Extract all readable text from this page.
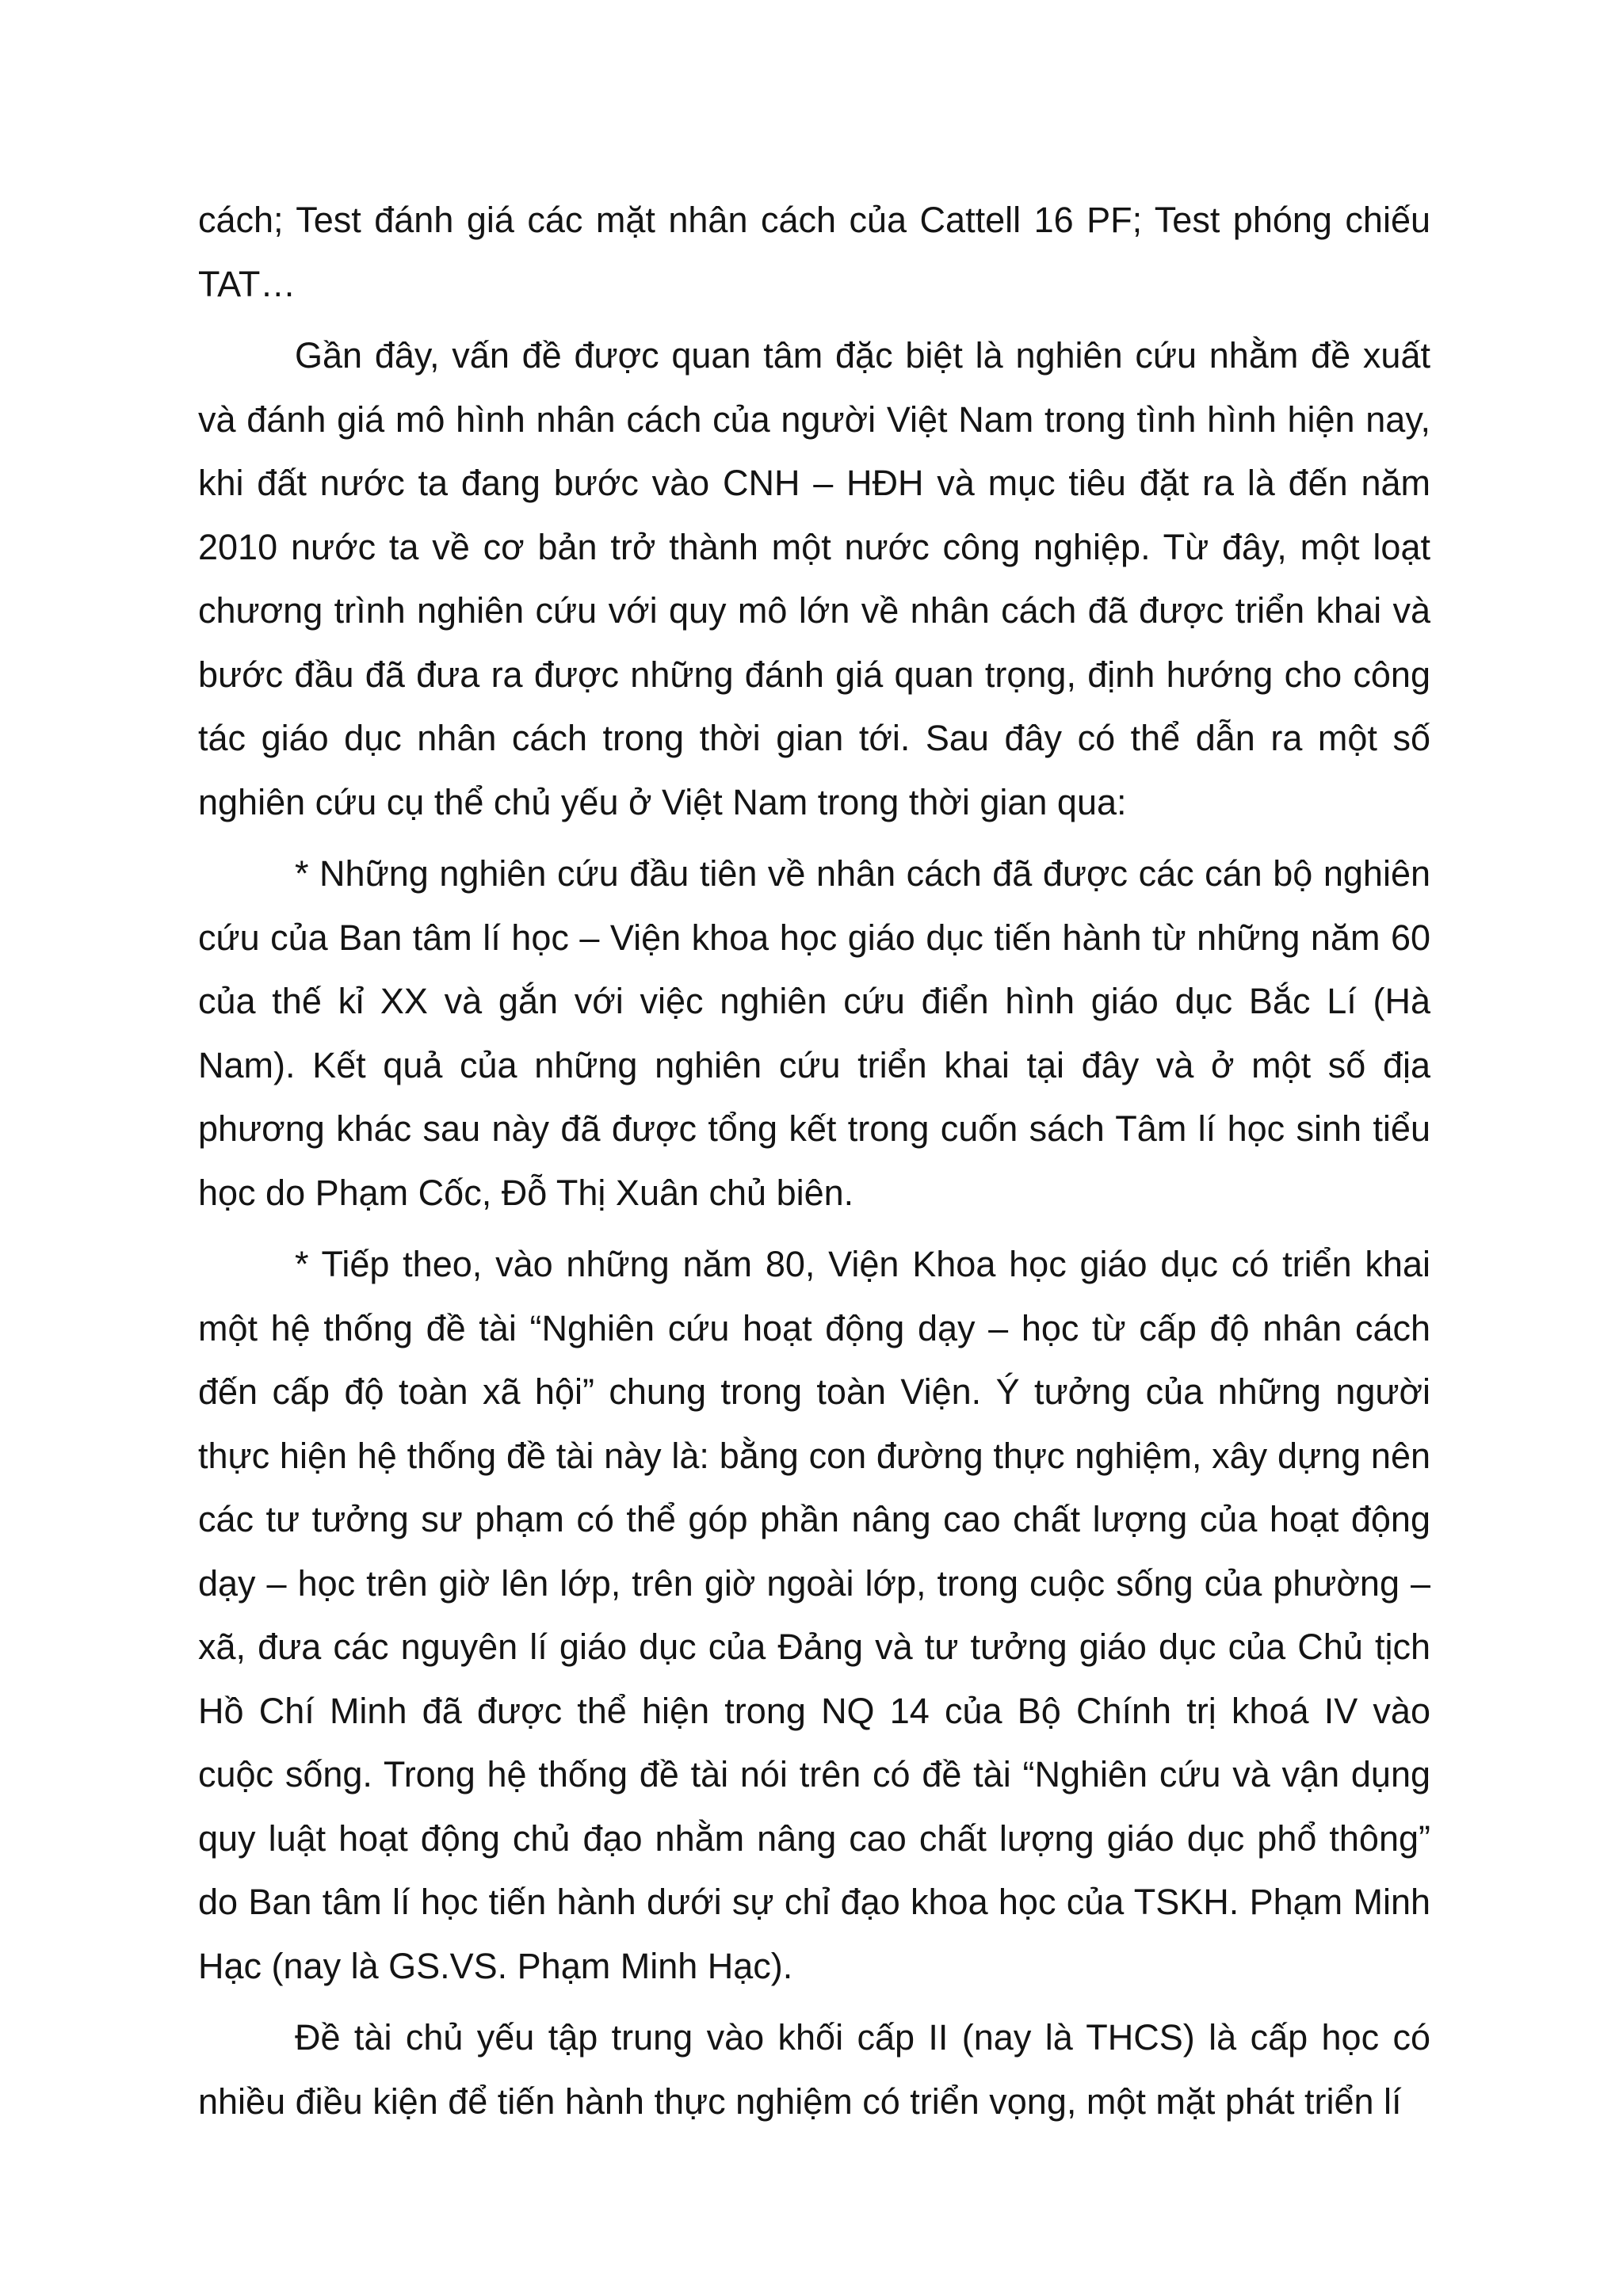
cách; Test đánh giá các mặt nhân cách của Cattell 16 PF; Test phóng chiếu TAT…

Gần đây, vấn đề được quan tâm đặc biệt là nghiên cứu nhằm đề xuất và đánh giá mô hình nhân cách của người Việt Nam trong tình hình hiện nay, khi đất nước ta đang bước vào CNH – HĐH và mục tiêu đặt ra là đến năm 2010 nước ta về cơ bản trở thành một nước công nghiệp. Từ đây, một loạt chương trình nghiên cứu với quy mô lớn về nhân cách đã được triển khai và bước đầu đã đưa ra được những đánh giá quan trọng, định hướng cho công tác giáo dục nhân cách trong thời gian tới. Sau đây có thể dẫn ra một số nghiên cứu cụ thể chủ yếu ở Việt Nam trong thời gian qua:

* Những nghiên cứu đầu tiên về nhân cách đã được các cán bộ nghiên cứu của Ban tâm lí học – Viện khoa học giáo dục tiến hành từ những năm 60 của thế kỉ XX và gắn với việc nghiên cứu điển hình giáo dục Bắc Lí (Hà Nam). Kết quả của những nghiên cứu triển khai tại đây và ở một số địa phương khác sau này đã được tổng kết trong cuốn sách Tâm lí học sinh tiểu học do Phạm Cốc, Đỗ Thị Xuân chủ biên.

* Tiếp theo, vào những năm 80, Viện Khoa học giáo dục có triển khai một hệ thống đề tài “Nghiên cứu hoạt động dạy – học từ cấp độ nhân cách đến cấp độ toàn xã hội” chung trong toàn Viện. Ý tưởng của những người thực hiện hệ thống đề tài này là: bằng con đường thực nghiệm, xây dựng nên các tư tưởng sư phạm có thể góp phần nâng cao chất lượng của hoạt động dạy – học trên giờ lên lớp, trên giờ ngoài lớp, trong cuộc sống của phường – xã, đưa các nguyên lí giáo dục của Đảng và tư tưởng giáo dục của Chủ tịch Hồ Chí Minh đã được thể hiện trong NQ 14 của Bộ Chính trị khoá IV vào cuộc sống. Trong hệ thống đề tài nói trên có đề tài “Nghiên cứu và vận dụng quy luật hoạt động chủ đạo nhằm nâng cao chất lượng giáo dục phổ thông” do Ban tâm lí học tiến hành dưới sự chỉ đạo khoa học của TSKH. Phạm Minh Hạc (nay là GS.VS. Phạm Minh Hạc).

Đề tài chủ yếu tập trung vào khối cấp II (nay là THCS) là cấp học có nhiều điều kiện để tiến hành thực nghiệm có triển vọng, một mặt phát triển lí
